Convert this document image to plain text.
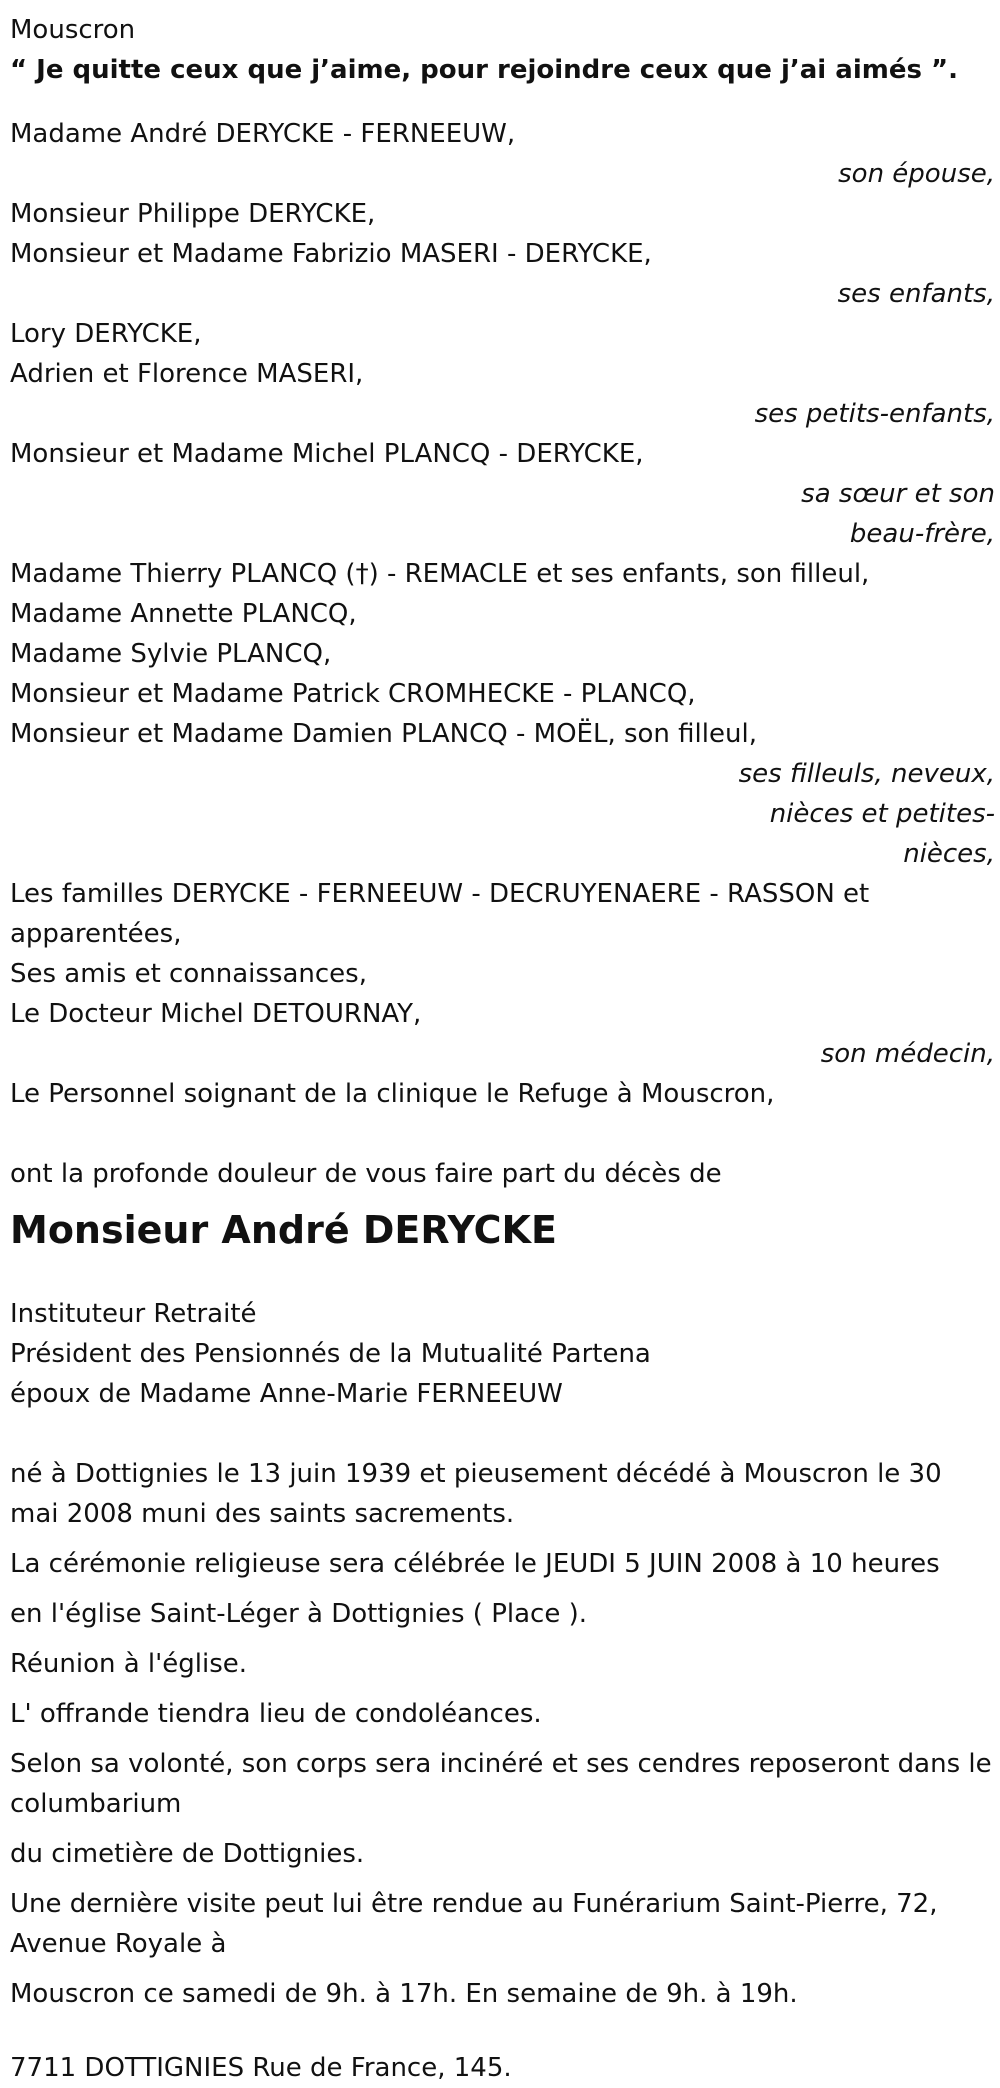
Mouscron
“ Je quitte ceux que j’aime, pour rejoindre ceux que j’ai aimés ”.
Madame André DERYCKE - FERNEEUW,
son épouse,
Monsieur Philippe DERYCKE,
Monsieur et Madame Fabrizio MASERI - DERYCKE,
ses enfants,
Lory DERYCKE,
Adrien et Florence MASERI,
ses petits-enfants,
Monsieur et Madame Michel PLANCQ - DERYCKE,
sa sœur et son
beau-frère,
Madame Thierry PLANCQ (†) - REMACLE et ses enfants, son filleul,
Madame Annette PLANCQ,
Madame Sylvie PLANCQ,
Monsieur et Madame Patrick CROMHECKE - PLANCQ,
Monsieur et Madame Damien PLANCQ - MOËL, son filleul,
ses filleuls, neveux,
nièces et petites-
nièces,
Les familles DERYCKE - FERNEEUW - DECRUYENAERE - RASSON et apparentées,
Ses amis et connaissances,
Le Docteur Michel DETOURNAY,
son médecin,
Le Personnel soignant de la clinique le Refuge à Mouscron,
ont la profonde douleur de vous faire part du décès de
Monsieur André DERYCKE
Instituteur Retraité
Président des Pensionnés de la Mutualité Partena
époux de Madame Anne-Marie FERNEEUW
né à Dottignies le 13 juin 1939 et pieusement décédé à Mouscron le 30 mai 2008 muni des saints sacrements.
La cérémonie religieuse sera célébrée le JEUDI 5 JUIN 2008 à 10 heures
en l'église Saint-Léger à Dottignies ( Place ).
Réunion à l'église.
L' offrande tiendra lieu de condoléances.
Selon sa volonté, son corps sera incinéré et ses cendres reposeront dans le columbarium
du cimetière de Dottignies.
Une dernière visite peut lui être rendue au Funérarium Saint-Pierre, 72, Avenue Royale à
Mouscron ce samedi de 9h. à 17h. En semaine de 9h. à 19h.
7711 DOTTIGNIES Rue de France, 145.
